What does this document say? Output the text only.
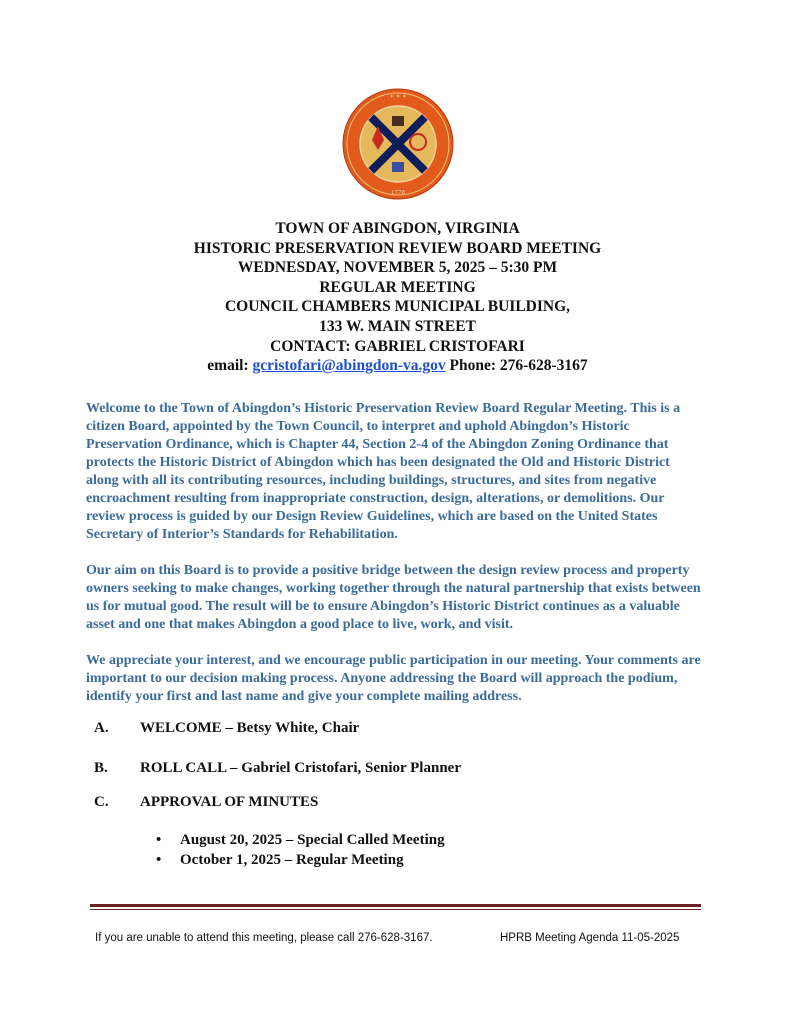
✦ ✦ ✦
1778
TOWN OF ABINGDON, VIRGINIA
HISTORIC PRESERVATION REVIEW BOARD MEETING
WEDNESDAY, NOVEMBER 5, 2025 – 5:30 PM
REGULAR MEETING
COUNCIL CHAMBERS MUNICIPAL BUILDING,
133 W. MAIN STREET
CONTACT: GABRIEL CRISTOFARI
email: gcristofari@abingdon-va.gov Phone: 276-628-3167

Welcome to the Town of Abingdon’s Historic Preservation Review Board Regular Meeting. This is a citizen Board, appointed by the Town Council, to interpret and uphold Abingdon’s Historic Preservation Ordinance, which is Chapter 44, Section 2-4 of the Abingdon Zoning Ordinance that protects the Historic District of Abingdon which has been designated the Old and Historic District along with all its contributing resources, including buildings, structures, and sites from negative encroachment resulting from inappropriate construction, design, alterations, or demolitions. Our review process is guided by our Design Review Guidelines, which are based on the United States Secretary of Interior’s Standards for Rehabilitation.

Our aim on this Board is to provide a positive bridge between the design review process and property owners seeking to make changes, working together through the natural partnership that exists between us for mutual good. The result will be to ensure Abingdon’s Historic District continues as a valuable asset and one that makes Abingdon a good place to live, work, and visit.

We appreciate your interest, and we encourage public participation in our meeting. Your comments are important to our decision making process. Anyone addressing the Board will approach the podium, identify your first and last name and give your complete mailing address.

A. WELCOME – Betsy White, Chair
B. ROLL CALL – Gabriel Cristofari, Senior Planner
C. APPROVAL OF MINUTES
• August 20, 2025 – Special Called Meeting
• October 1, 2025 – Regular Meeting
If you are unable to attend this meeting, please call 276-628-3167.	HPRB Meeting Agenda 11-05-2025
